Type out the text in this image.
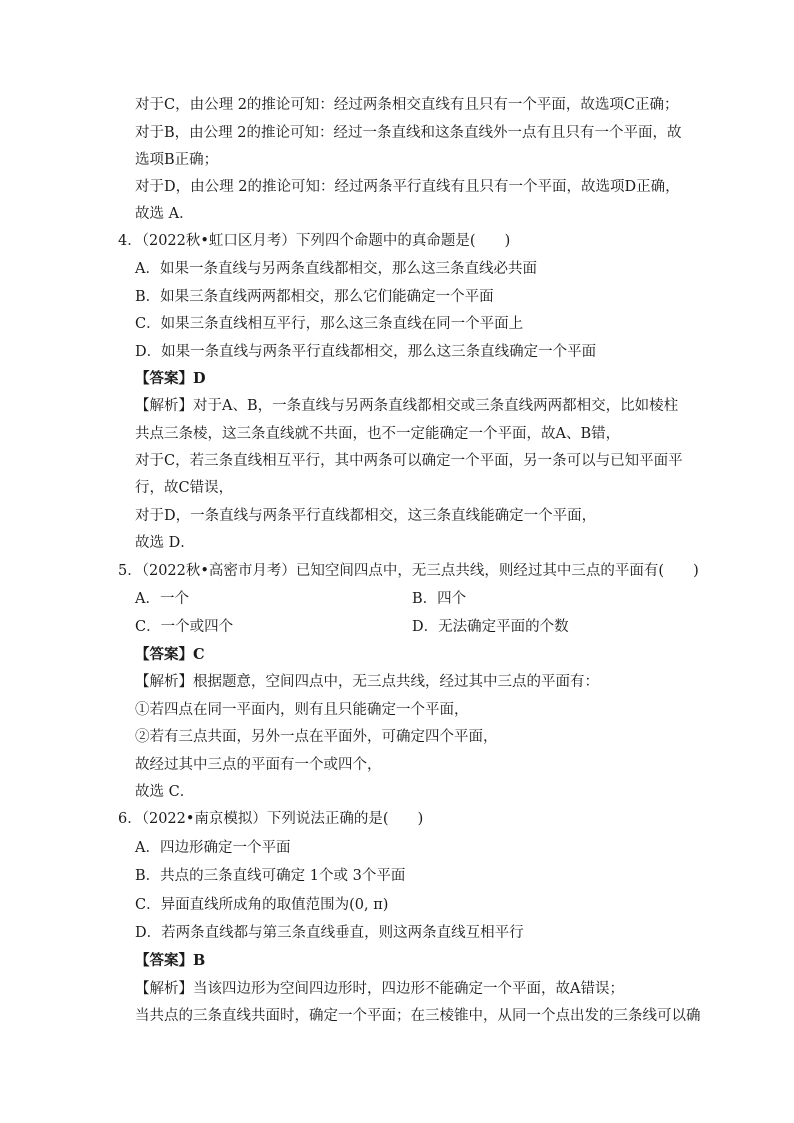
对于C，由公理 2的推论可知：经过两条相交直线有且只有一个平面，故选项C正确；
对于B，由公理 2的推论可知：经过一条直线和这条直线外一点有且只有一个平面，故
选项B正确；
对于D，由公理 2的推论可知：经过两条平行直线有且只有一个平面，故选项D正确，
故选 A．
4．（2022秋•虹口区月考）下列四个命题中的真命题是(　　)
A．如果一条直线与另两条直线都相交，那么这三条直线必共面
B．如果三条直线两两都相交，那么它们能确定一个平面
C．如果三条直线相互平行，那么这三条直线在同一个平面上
D．如果一条直线与两条平行直线都相交，那么这三条直线确定一个平面
【答案】D
【解析】对于A、B，一条直线与另两条直线都相交或三条直线两两都相交，比如棱柱
共点三条棱，这三条直线就不共面，也不一定能确定一个平面，故A、B错，
对于C，若三条直线相互平行，其中两条可以确定一个平面，另一条可以与已知平面平
行，故C错误，
对于D，一条直线与两条平行直线都相交，这三条直线能确定一个平面，
故选 D．
5．（2022秋•高密市月考）已知空间四点中，无三点共线，则经过其中三点的平面有(　　)
A．一个	B．四个
C．一个或四个	D．无法确定平面的个数
【答案】C
【解析】根据题意，空间四点中，无三点共线，经过其中三点的平面有：
①若四点在同一平面内，则有且只能确定一个平面，
②若有三点共面，另外一点在平面外，可确定四个平面，
故经过其中三点的平面有一个或四个，
故选 C．
6．（2022•南京模拟）下列说法正确的是(　　)
A．四边形确定一个平面
B．共点的三条直线可确定 1个或 3个平面
C．异面直线所成角的取值范围为(0, π)
D．若两条直线都与第三条直线垂直，则这两条直线互相平行
【答案】B
【解析】当该四边形为空间四边形时，四边形不能确定一个平面，故A错误；
当共点的三条直线共面时，确定一个平面；在三棱锥中，从同一个点出发的三条线可以确
